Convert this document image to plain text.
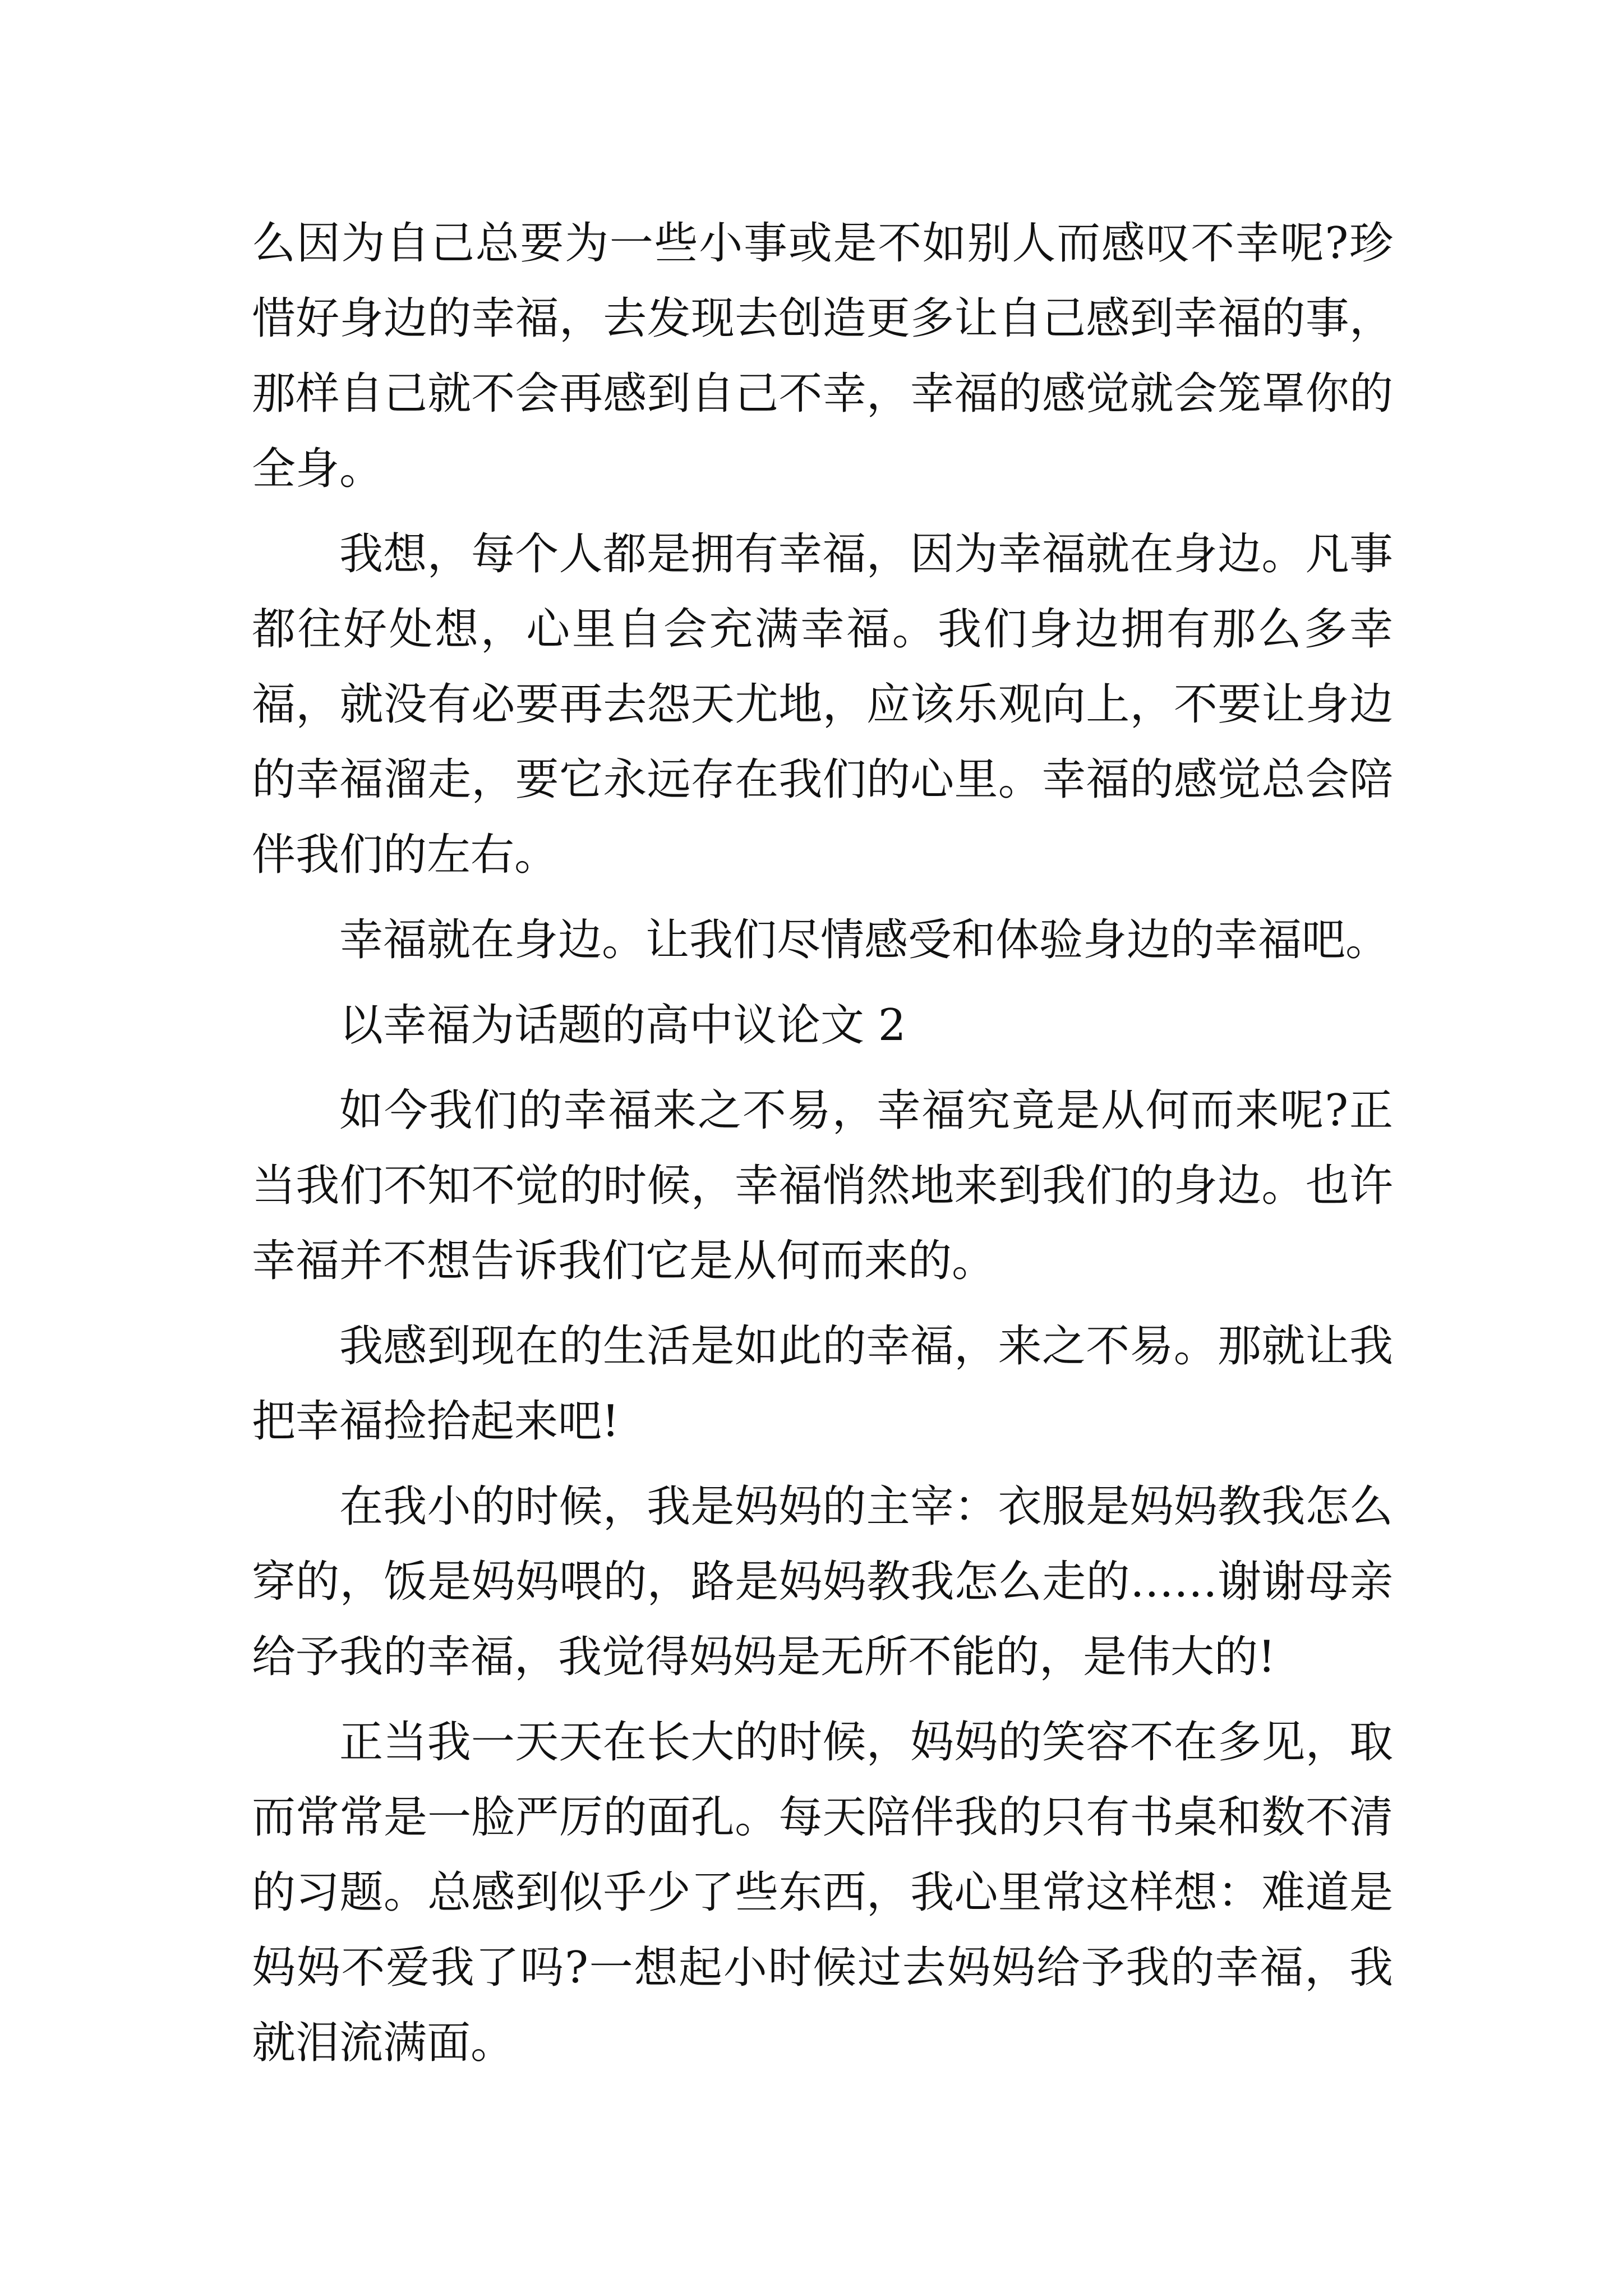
么因为自己总要为一些小事或是不如别人而感叹不幸呢?珍惜好身边的幸福，去发现去创造更多让自己感到幸福的事，那样自己就不会再感到自己不幸，幸福的感觉就会笼罩你的全身。

我想，每个人都是拥有幸福，因为幸福就在身边。凡事都往好处想，心里自会充满幸福。我们身边拥有那么多幸福，就没有必要再去怨天尤地，应该乐观向上，不要让身边的幸福溜走，要它永远存在我们的心里。幸福的感觉总会陪伴我们的左右。

幸福就在身边。让我们尽情感受和体验身边的幸福吧。

以幸福为话题的高中议论文 2

如今我们的幸福来之不易，幸福究竟是从何而来呢?正当我们不知不觉的时候，幸福悄然地来到我们的身边。也许幸福并不想告诉我们它是从何而来的。

我感到现在的生活是如此的幸福，来之不易。那就让我把幸福捡拾起来吧!

在我小的时候，我是妈妈的主宰：衣服是妈妈教我怎么穿的，饭是妈妈喂的，路是妈妈教我怎么走的……谢谢母亲给予我的幸福，我觉得妈妈是无所不能的，是伟大的!

正当我一天天在长大的时候，妈妈的笑容不在多见，取而常常是一脸严厉的面孔。每天陪伴我的只有书桌和数不清的习题。总感到似乎少了些东西，我心里常这样想：难道是妈妈不爱我了吗?一想起小时候过去妈妈给予我的幸福，我就泪流满面。
